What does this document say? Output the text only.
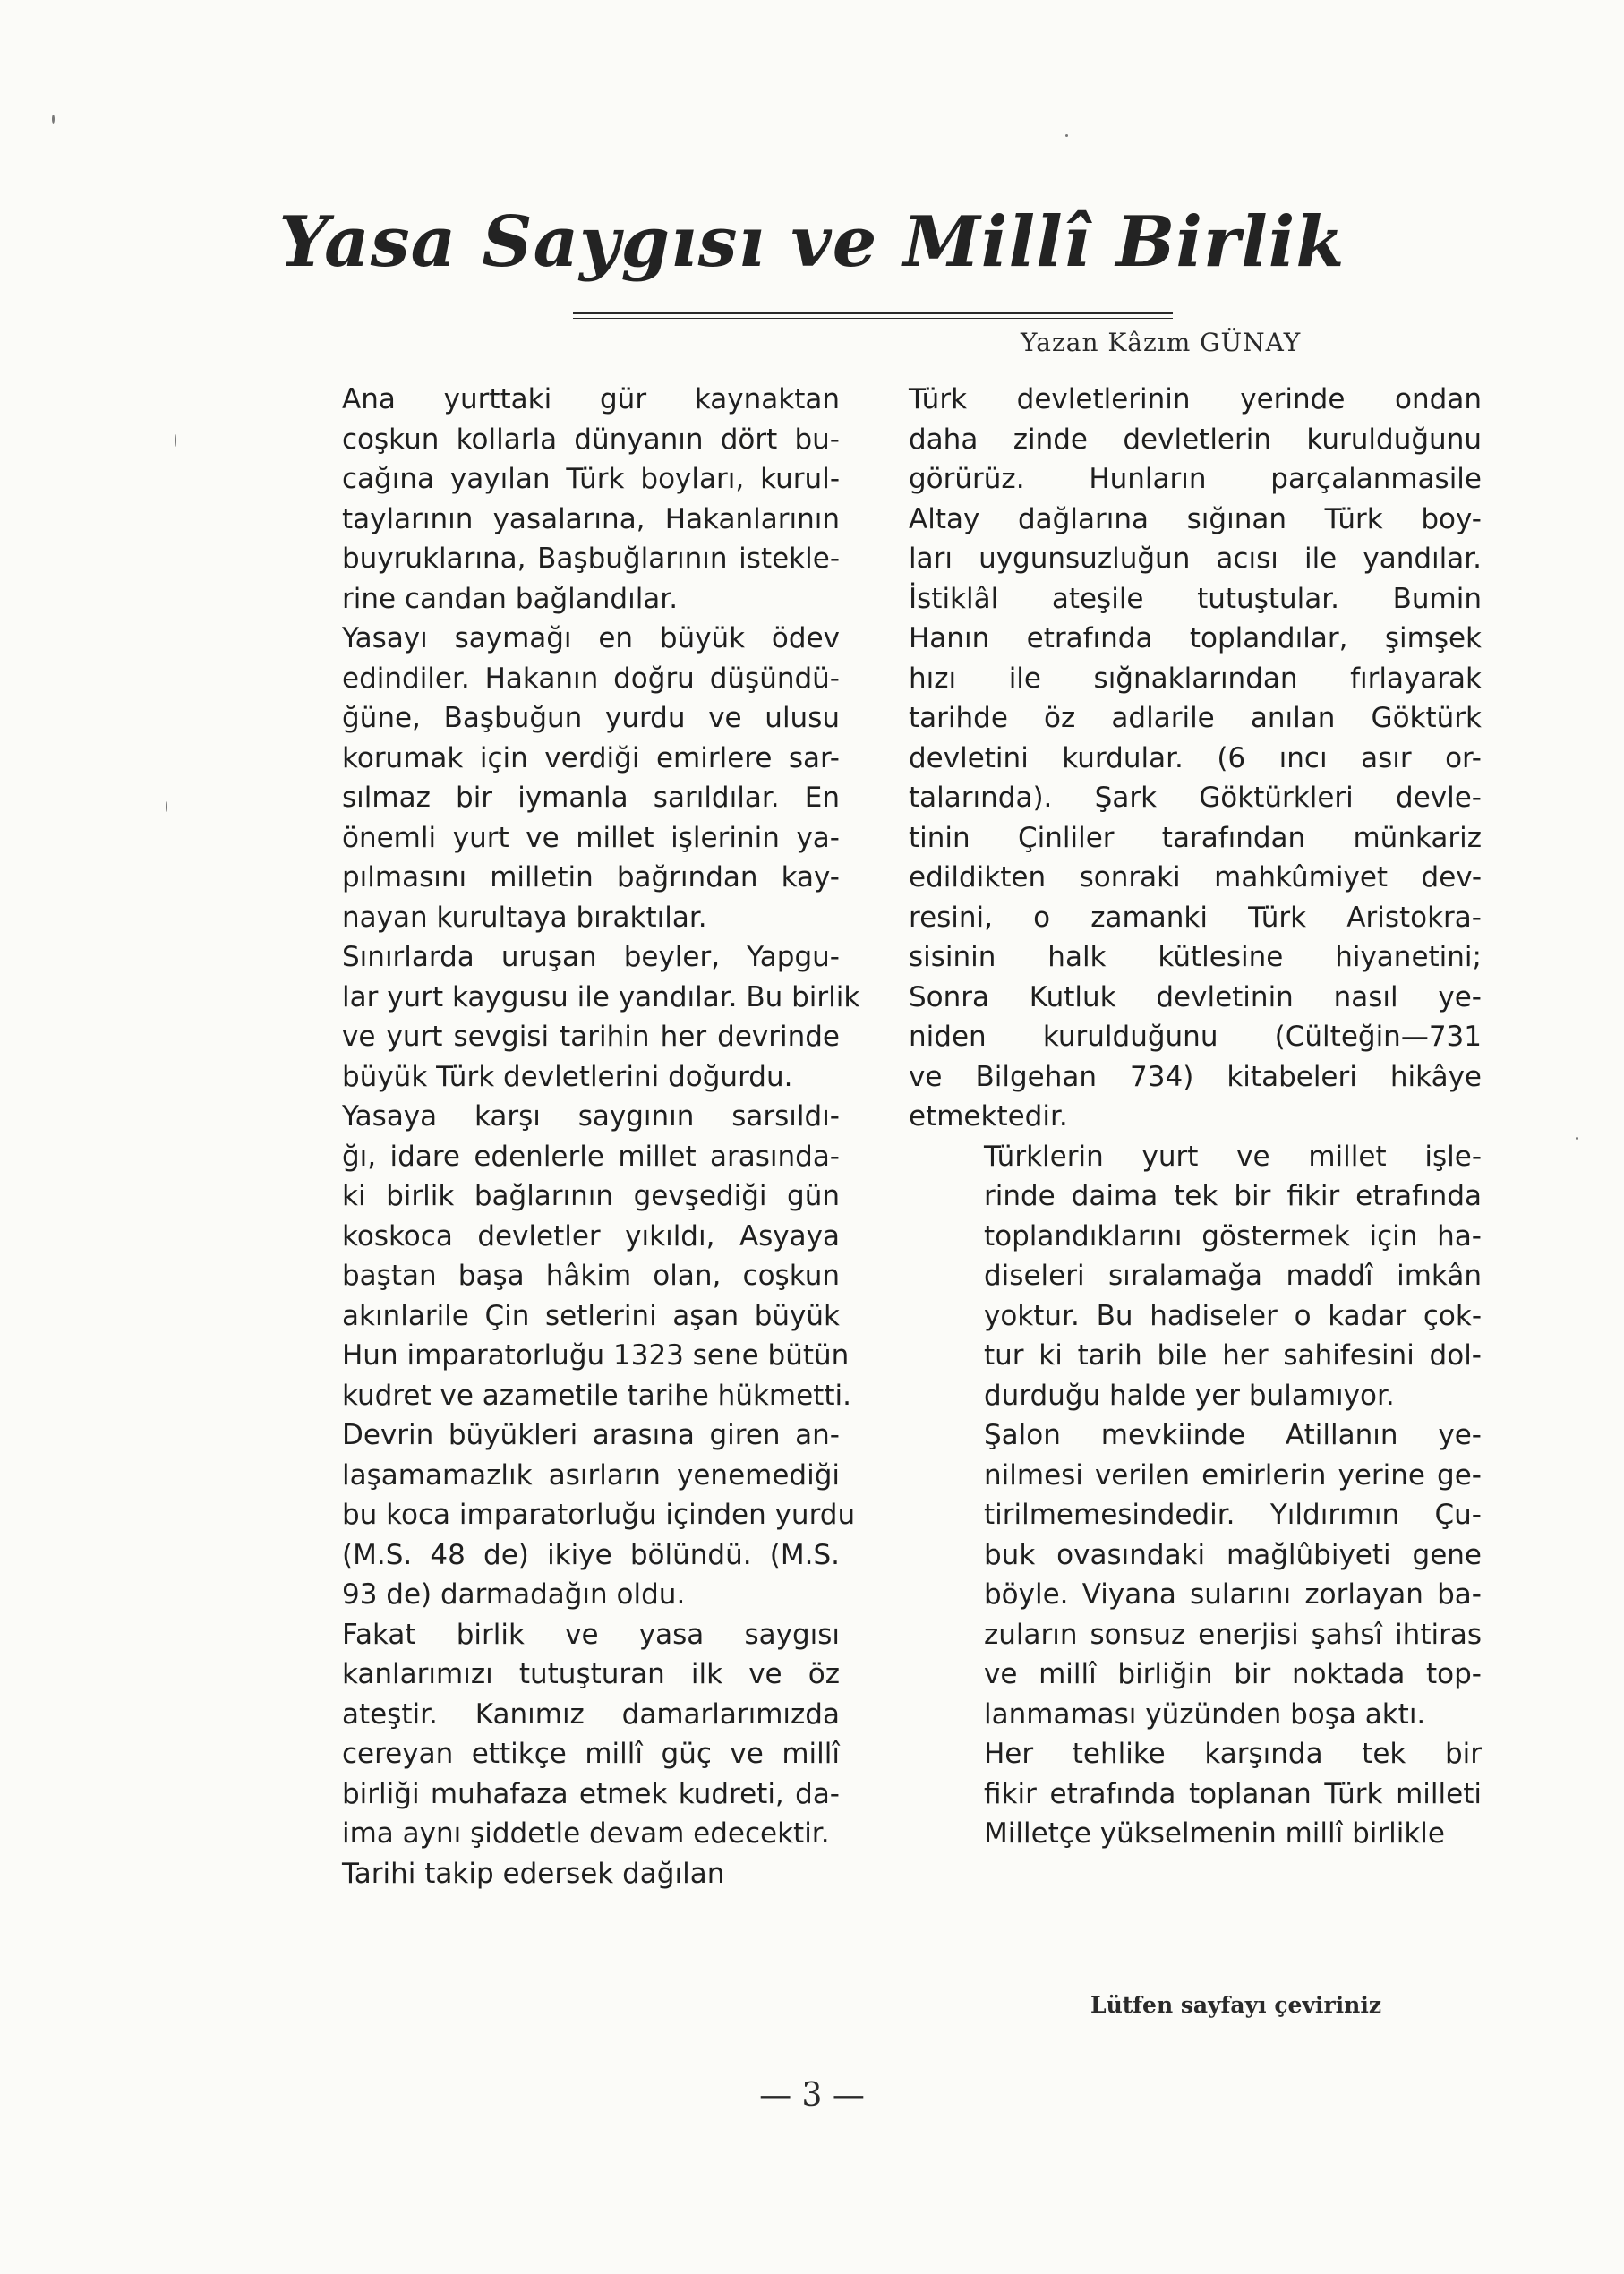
Yasa Saygısı ve Millî Birlik
Yazan Kâzım GÜNAY

Ana yurttaki gür kaynaktan
coşkun kollarla dünyanın dört bu-
cağına yayılan Türk boyları, kurul-
taylarının yasalarına, Hakanlarının
buyruklarına, Başbuğlarının istekle-
rine candan bağlandılar.

Yasayı saymağı en büyük ödev
edindiler. Hakanın doğru düşündü-
ğüne, Başbuğun yurdu ve ulusu
korumak için verdiği emirlere sar-
sılmaz bir iymanla sarıldılar. En
önemli yurt ve millet işlerinin ya-
pılmasını milletin bağrından kay-
nayan kurultaya bıraktılar.

Sınırlarda uruşan beyler, Yapgu-
lar yurt kaygusu ile yandılar. Bu birlik
ve yurt sevgisi tarihin her devrinde
büyük Türk devletlerini doğurdu.

Yasaya karşı saygının sarsıldı-
ğı, idare edenlerle millet arasında-
ki birlik bağlarının gevşediği gün
koskoca devletler yıkıldı, Asyaya
baştan başa hâkim olan, coşkun
akınlarile Çin setlerini aşan büyük
Hun imparatorluğu 1323 sene bütün
kudret ve azametile tarihe hükmetti.
Devrin büyükleri arasına giren an-
laşamamazlık asırların yenemediği
bu koca imparatorluğu içinden yurdu
(M.S. 48 de) ikiye bölündü. (M.S.
93 de) darmadağın oldu.

Fakat birlik ve yasa saygısı
kanlarımızı tutuşturan ilk ve öz
ateştir. Kanımız damarlarımızda
cereyan ettikçe millî güç ve millî
birliği muhafaza etmek kudreti, da-
ima aynı şiddetle devam edecektir.

Tarihi takip edersek dağılan

Türk devletlerinin yerinde ondan
daha zinde devletlerin kurulduğunu
görürüz. Hunların parçalanmasile
Altay dağlarına sığınan Türk boy-
ları uygunsuzluğun acısı ile yandılar.
İstiklâl ateşile tutuştular. Bumin
Hanın etrafında toplandılar, şimşek
hızı ile sığnaklarından fırlayarak
tarihde öz adlarile anılan Göktürk
devletini kurdular. (6 ıncı asır or-
talarında). Şark Göktürkleri devle-
tinin Çinliler tarafından münkariz
edildikten sonraki mahkûmiyet dev-
resini, o zamanki Türk Aristokra-
sisinin halk kütlesine hiyanetini;
Sonra Kutluk devletinin nasıl ye-
niden kurulduğunu (Cülteğin—731
ve Bilgehan 734) kitabeleri hikâye
etmektedir.

Türklerin yurt ve millet işle-
rinde daima tek bir fikir etrafında
toplandıklarını göstermek için ha-
diseleri sıralamağa maddî imkân
yoktur. Bu hadiseler o kadar çok-
tur ki tarih bile her sahifesini dol-
durduğu halde yer bulamıyor.

Şalon mevkiinde Atillanın ye-
nilmesi verilen emirlerin yerine ge-
tirilmemesindedir. Yıldırımın Çu-
buk ovasındaki mağlûbiyeti gene
böyle. Viyana sularını zorlayan ba-
zuların sonsuz enerjisi şahsî ihtiras
ve millî birliğin bir noktada top-
lanmaması yüzünden boşa aktı.

Her tehlike karşında tek bir
fikir etrafında toplanan Türk milleti
Milletçe yükselmenin millî birlikle

Lütfen sayfayı çeviriniz
— 3 —
